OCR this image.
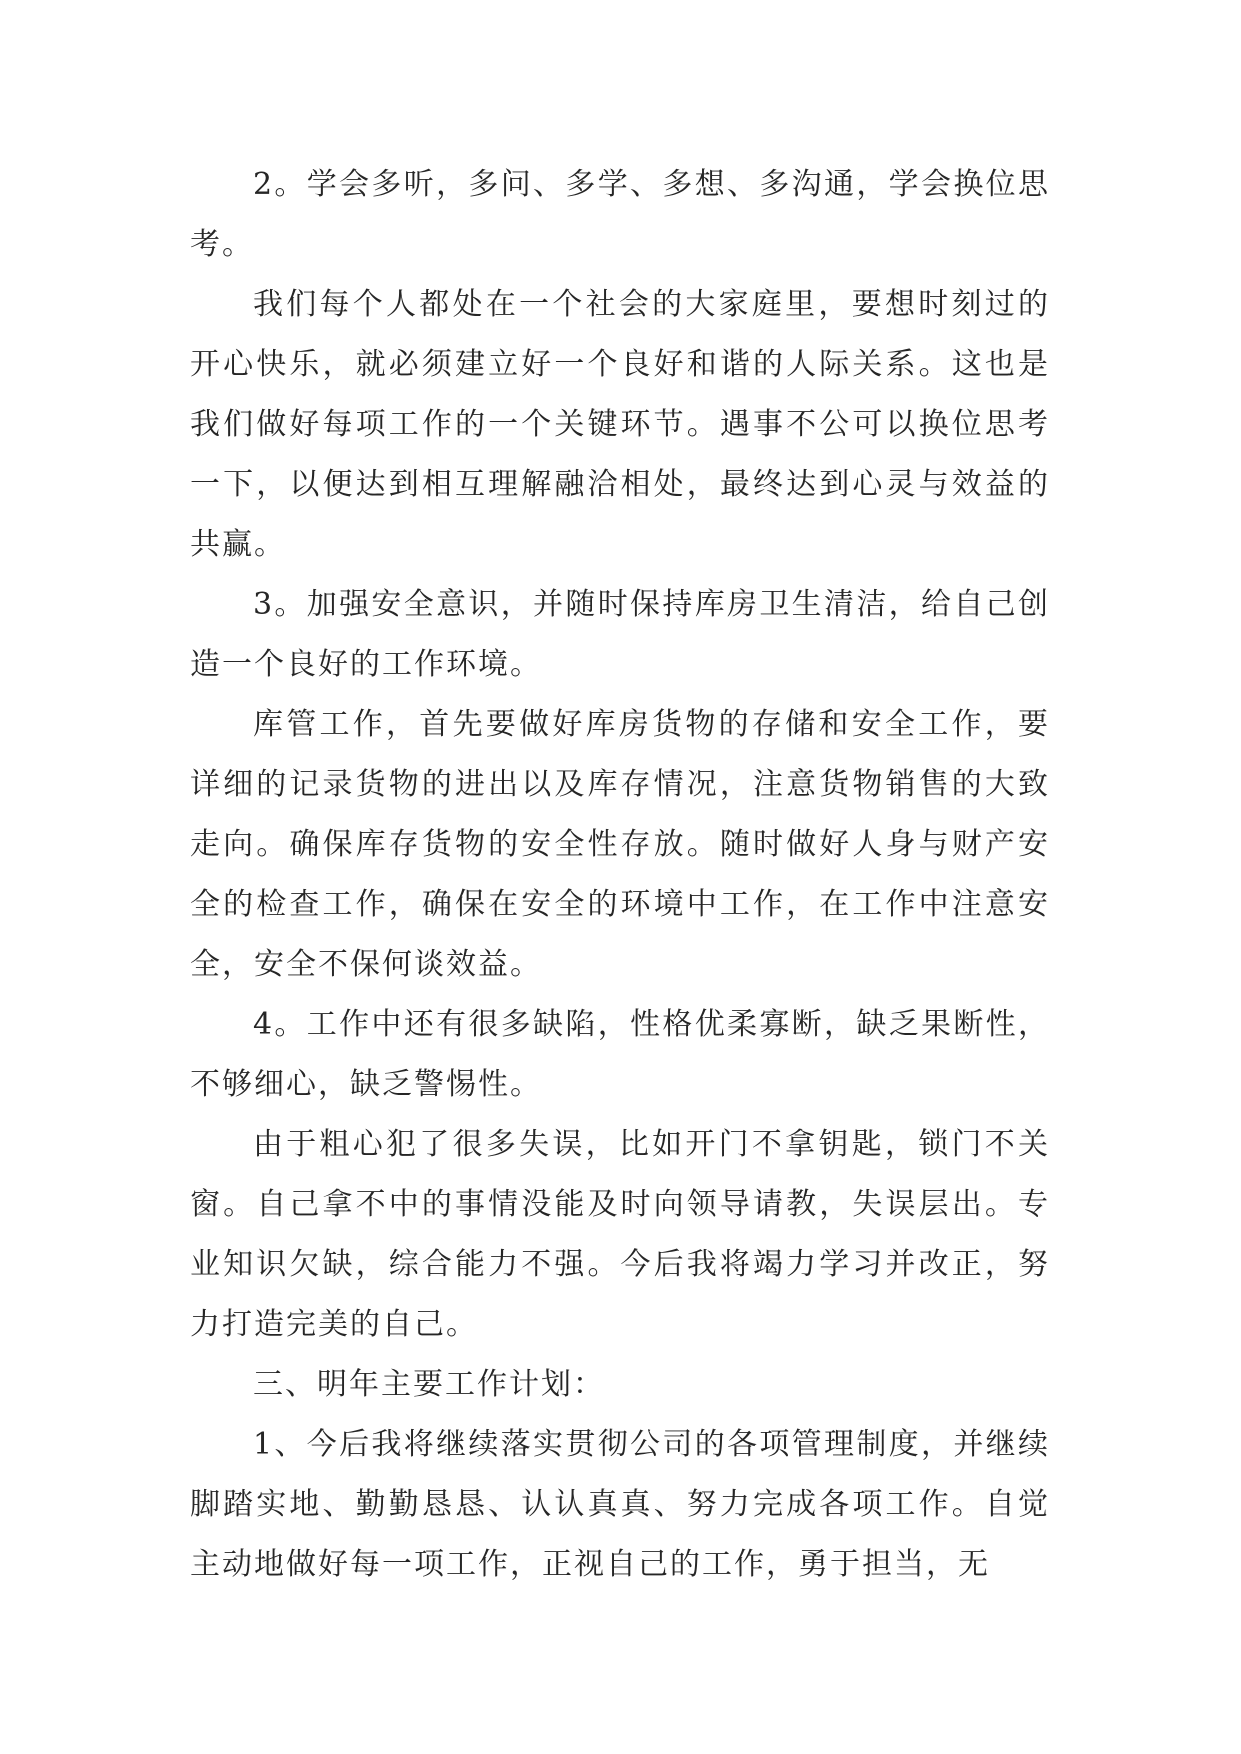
2。学会多听，多问、多学、多想、多沟通，学会换位思考。

我们每个人都处在一个社会的大家庭里，要想时刻过的开心快乐，就必须建立好一个良好和谐的人际关系。这也是我们做好每项工作的一个关键环节。遇事不公可以换位思考一下，以便达到相互理解融洽相处，最终达到心灵与效益的共赢。

3。加强安全意识，并随时保持库房卫生清洁，给自己创造一个良好的工作环境。

库管工作，首先要做好库房货物的存储和安全工作，要详细的记录货物的进出以及库存情况，注意货物销售的大致走向。确保库存货物的安全性存放。随时做好人身与财产安全的检查工作，确保在安全的环境中工作，在工作中注意安全，安全不保何谈效益。

4。工作中还有很多缺陷，性格优柔寡断，缺乏果断性，不够细心，缺乏警惕性。

由于粗心犯了很多失误，比如开门不拿钥匙，锁门不关窗。自己拿不中的事情没能及时向领导请教，失误层出。专业知识欠缺，综合能力不强。今后我将竭力学习并改正，努力打造完美的自己。

三、明年主要工作计划：

1、今后我将继续落实贯彻公司的各项管理制度，并继续脚踏实地、勤勤恳恳、认认真真、努力完成各项工作。自觉主动地做好每一项工作，正视自己的工作，勇于担当，无
